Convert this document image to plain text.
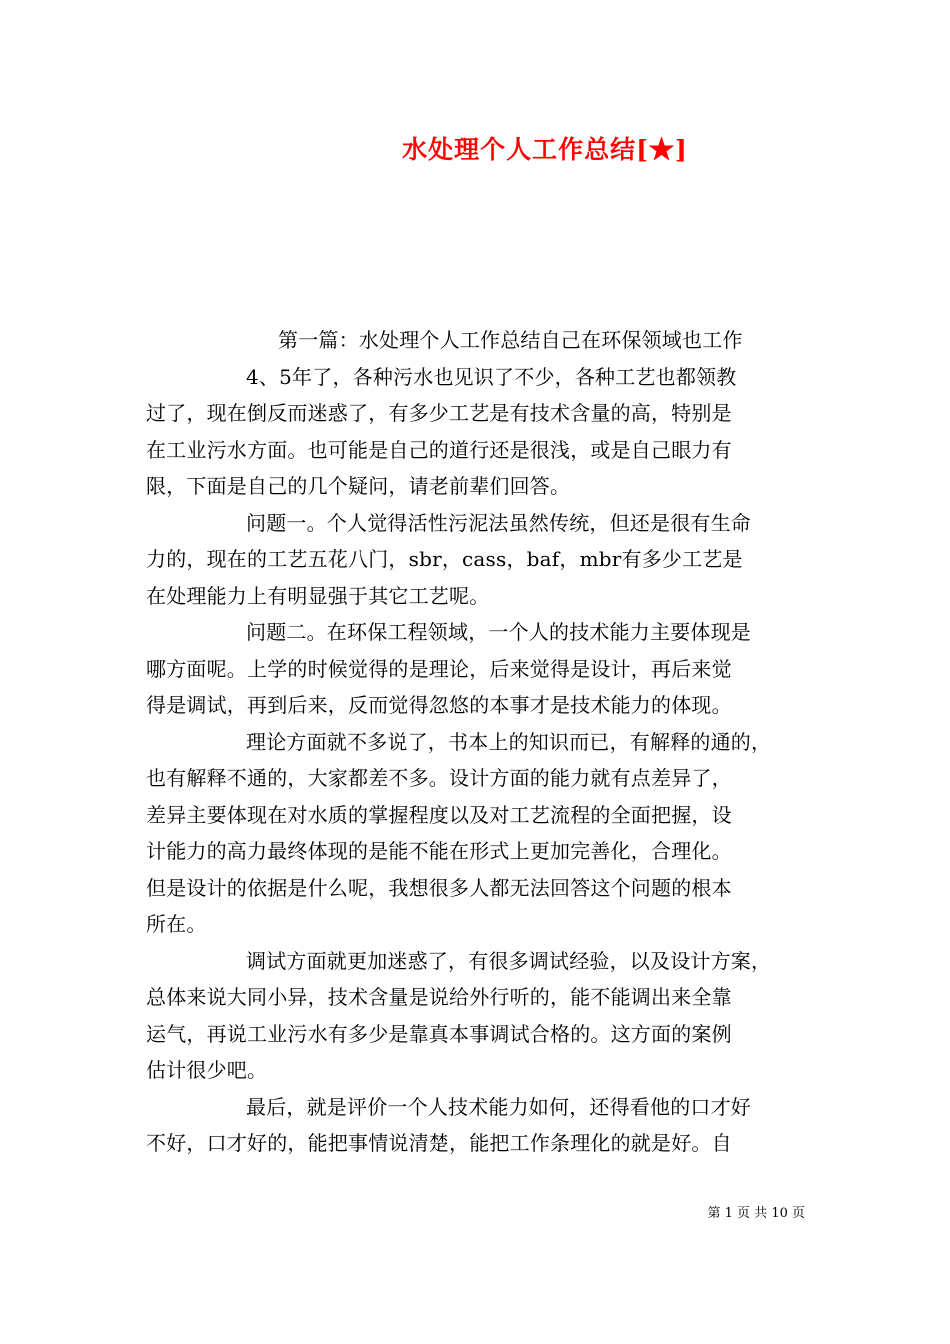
水处理个人工作总结[★]
第一篇：水处理个人工作总结自己在环保领域也工作
4、5年了，各种污水也见识了不少，各种工艺也都领教
过了，现在倒反而迷惑了，有多少工艺是有技术含量的高，特别是
在工业污水方面。也可能是自己的道行还是很浅，或是自己眼力有
限，下面是自己的几个疑问，请老前辈们回答。
问题一。个人觉得活性污泥法虽然传统，但还是很有生命
力的，现在的工艺五花八门，sbr，cass，baf，mbr有多少工艺是
在处理能力上有明显强于其它工艺呢。
问题二。在环保工程领域，一个人的技术能力主要体现是
哪方面呢。上学的时候觉得的是理论，后来觉得是设计，再后来觉
得是调试，再到后来，反而觉得忽悠的本事才是技术能力的体现。
理论方面就不多说了，书本上的知识而已，有解释的通的，
也有解释不通的，大家都差不多。设计方面的能力就有点差异了，
差异主要体现在对水质的掌握程度以及对工艺流程的全面把握，设
计能力的高力最终体现的是能不能在形式上更加完善化，合理化。
但是设计的依据是什么呢，我想很多人都无法回答这个问题的根本
所在。
调试方面就更加迷惑了，有很多调试经验，以及设计方案，
总体来说大同小异，技术含量是说给外行听的，能不能调出来全靠
运气，再说工业污水有多少是靠真本事调试合格的。这方面的案例
估计很少吧。
最后，就是评价一个人技术能力如何，还得看他的口才好
不好，口才好的，能把事情说清楚，能把工作条理化的就是好。自
第 1 页 共 10 页
